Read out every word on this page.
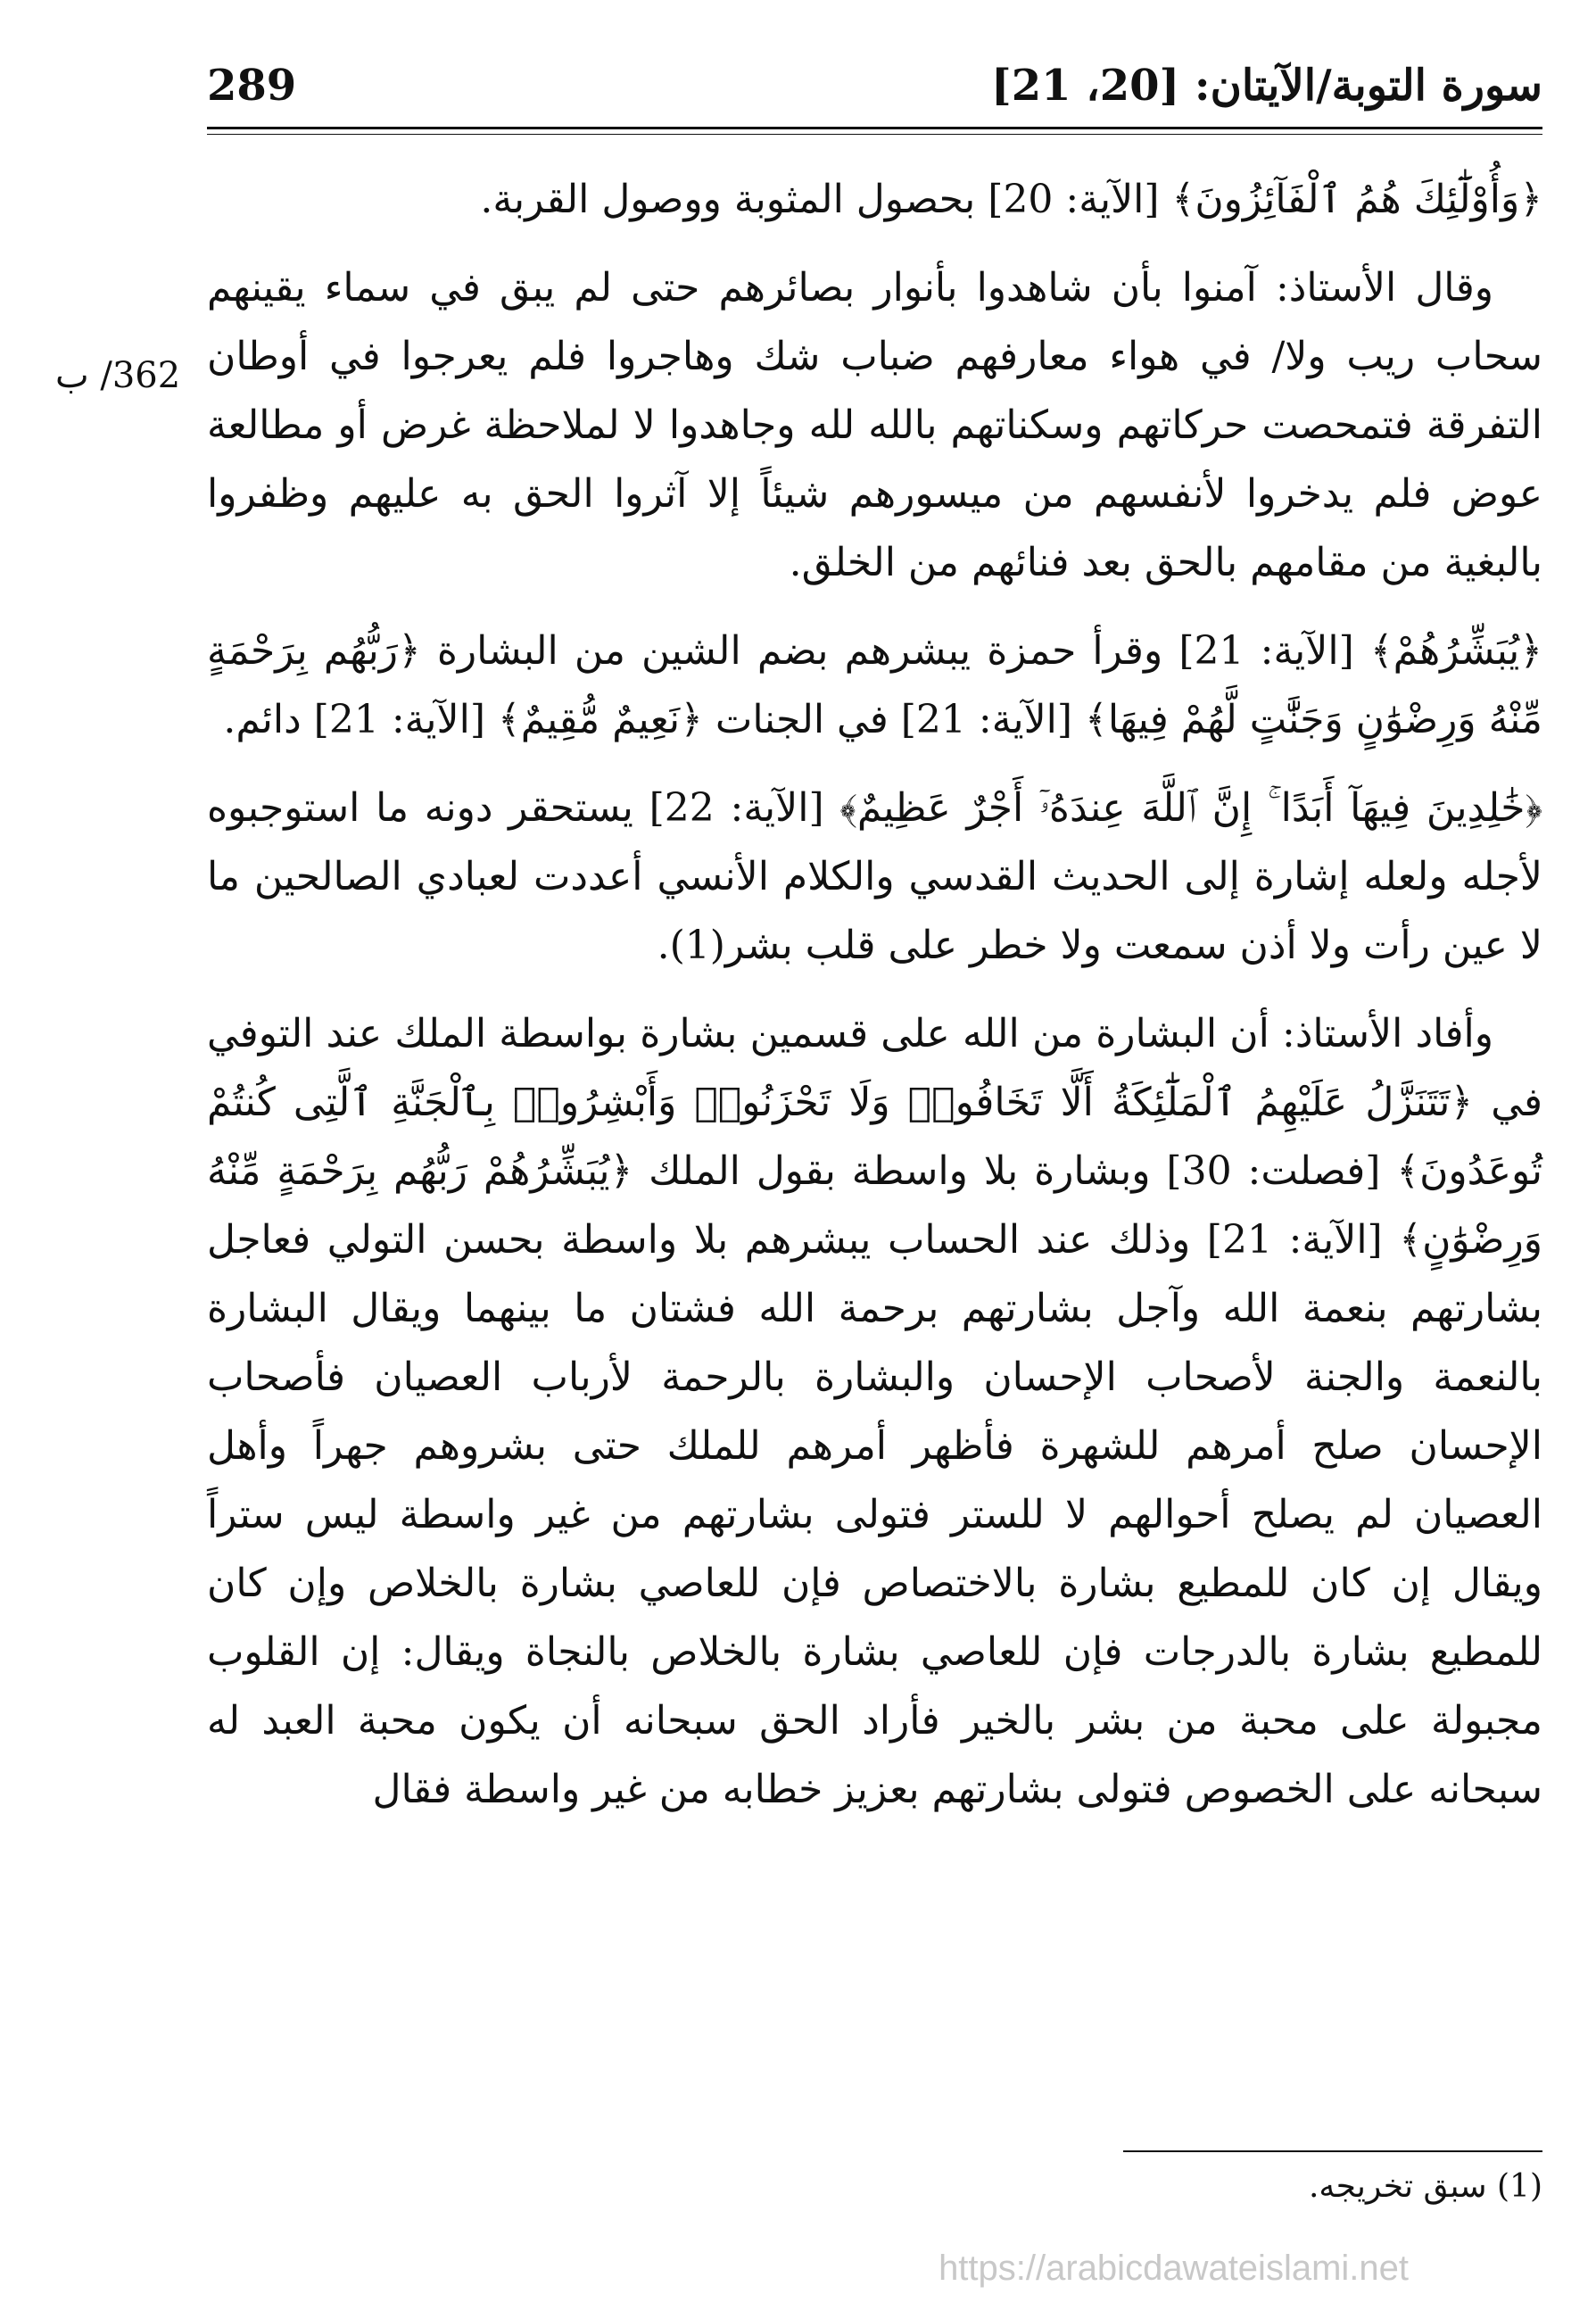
سورة التوبة/الآيتان: [20، 21]
289
362/ ب

﴿وَأُوْلَٰٓئِكَ هُمُ ٱلْفَآئِزُونَ﴾ [الآية: 20] بحصول المثوبة ووصول القربة.

وقال الأستاذ: آمنوا بأن شاهدوا بأنوار بصائرهم حتى لم يبق في سماء يقينهم سحاب ريب ولا/ في هواء معارفهم ضباب شك وهاجروا فلم يعرجوا في أوطان التفرقة فتمحصت حركاتهم وسكناتهم بالله لله وجاهدوا لا لملاحظة غرض أو مطالعة عوض فلم يدخروا لأنفسهم من ميسورهم شيئاً إلا آثروا الحق به عليهم وظفروا بالبغية من مقامهم بالحق بعد فنائهم من الخلق.

﴿يُبَشِّرُهُمْ﴾ [الآية: 21] وقرأ حمزة يبشرهم بضم الشين من البشارة ﴿رَبُّهُم بِرَحْمَةٍ مِّنْهُ وَرِضْوَٰنٍ وَجَنَّٰتٍ لَّهُمْ فِيهَا﴾ [الآية: 21] في الجنات ﴿نَعِيمٌ مُّقِيمٌ﴾ [الآية: 21] دائم.

﴿خَٰلِدِينَ فِيهَآ أَبَدًا ۚ إِنَّ ٱللَّهَ عِندَهُۥٓ أَجْرٌ عَظِيمٌ﴾ [الآية: 22] يستحقر دونه ما استوجبوه لأجله ولعله إشارة إلى الحديث القدسي والكلام الأنسي أعددت لعبادي الصالحين ما لا عين رأت ولا أذن سمعت ولا خطر على قلب بشر(1).

وأفاد الأستاذ: أن البشارة من الله على قسمين بشارة بواسطة الملك عند التوفي في ﴿تَتَنَزَّلُ عَلَيْهِمُ ٱلْمَلَٰٓئِكَةُ أَلَّا تَخَافُوا۟ وَلَا تَحْزَنُوا۟ وَأَبْشِرُوا۟ بِٱلْجَنَّةِ ٱلَّتِى كُنتُمْ تُوعَدُونَ﴾ [فصلت: 30] وبشارة بلا واسطة بقول الملك ﴿يُبَشِّرُهُمْ رَبُّهُم بِرَحْمَةٍ مِّنْهُ وَرِضْوَٰنٍ﴾ [الآية: 21] وذلك عند الحساب يبشرهم بلا واسطة بحسن التولي فعاجل بشارتهم بنعمة الله وآجل بشارتهم برحمة الله فشتان ما بينهما ويقال البشارة بالنعمة والجنة لأصحاب الإحسان والبشارة بالرحمة لأرباب العصيان فأصحاب الإحسان صلح أمرهم للشهرة فأظهر أمرهم للملك حتى بشروهم جهراً وأهل العصيان لم يصلح أحوالهم لا للستر فتولى بشارتهم من غير واسطة ليس ستراً ويقال إن كان للمطيع بشارة بالاختصاص فإن للعاصي بشارة بالخلاص وإن كان للمطيع بشارة بالدرجات فإن للعاصي بشارة بالخلاص بالنجاة ويقال: إن القلوب مجبولة على محبة من بشر بالخير فأراد الحق سبحانه أن يكون محبة العبد له سبحانه على الخصوص فتولى بشارتهم بعزيز خطابه من غير واسطة فقال

(1) سبق تخريجه.
https://arabicdawateislami.net
